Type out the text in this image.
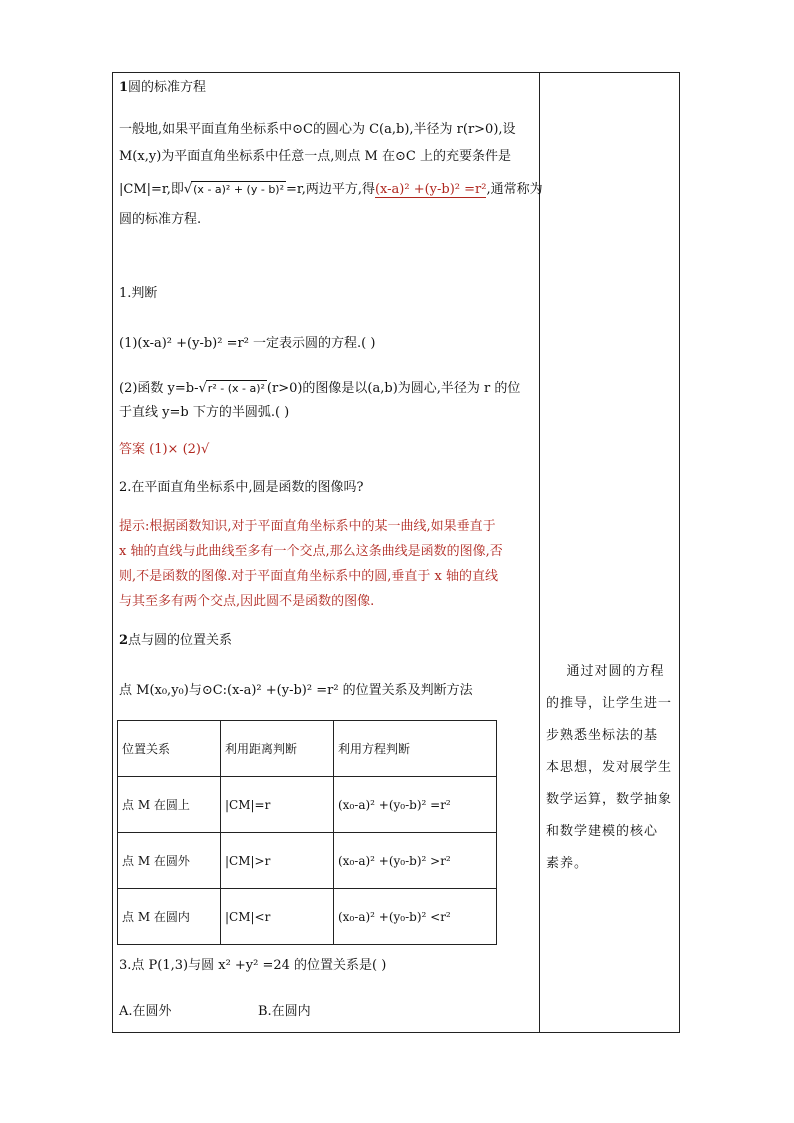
1圆的标准方程
一般地,如果平面直角坐标系中⊙C的圆心为 C(a,b),半径为 r(r>0),设
M(x,y)为平面直角坐标系中任意一点,则点 M 在⊙C 上的充要条件是
|CM|=r,即√(x - a)² + (y - b)² =r,两边平方,得(x-a)² +(y-b)² =r²,通常称为
圆的标准方程.
1.判断
(1)(x-a)² +(y-b)² =r² 一定表示圆的方程.( )
(2)函数 y=b-√r² - (x - a)² (r>0)的图像是以(a,b)为圆心,半径为 r 的位
于直线 y=b 下方的半圆弧.( )
答案 (1)× (2)√
2.在平面直角坐标系中,圆是函数的图像吗?
提示:根据函数知识,对于平面直角坐标系中的某一曲线,如果垂直于
x 轴的直线与此曲线至多有一个交点,那么这条曲线是函数的图像,否
则,不是函数的图像.对于平面直角坐标系中的圆,垂直于 x 轴的直线
与其至多有两个交点,因此圆不是函数的图像.
2点与圆的位置关系
点 M(x₀,y₀)与⊙C:(x-a)² +(y-b)² =r² 的位置关系及判断方法
位置关系	利用距离判断	利用方程判断
点 M 在圆上	|CM|=r	(x₀-a)² +(y₀-b)² =r²
点 M 在圆外	|CM|>r	(x₀-a)² +(y₀-b)² >r²
点 M 在圆内	|CM|<r	(x₀-a)² +(y₀-b)² <r²
3.点 P(1,3)与圆 x² +y² =24 的位置关系是( )
A.在圆外	B.在圆内
通过对圆的方程
的推导，让学生进一
步熟悉坐标法的基
本思想，发对展学生
数学运算，数学抽象
和数学建模的核心
素养。
